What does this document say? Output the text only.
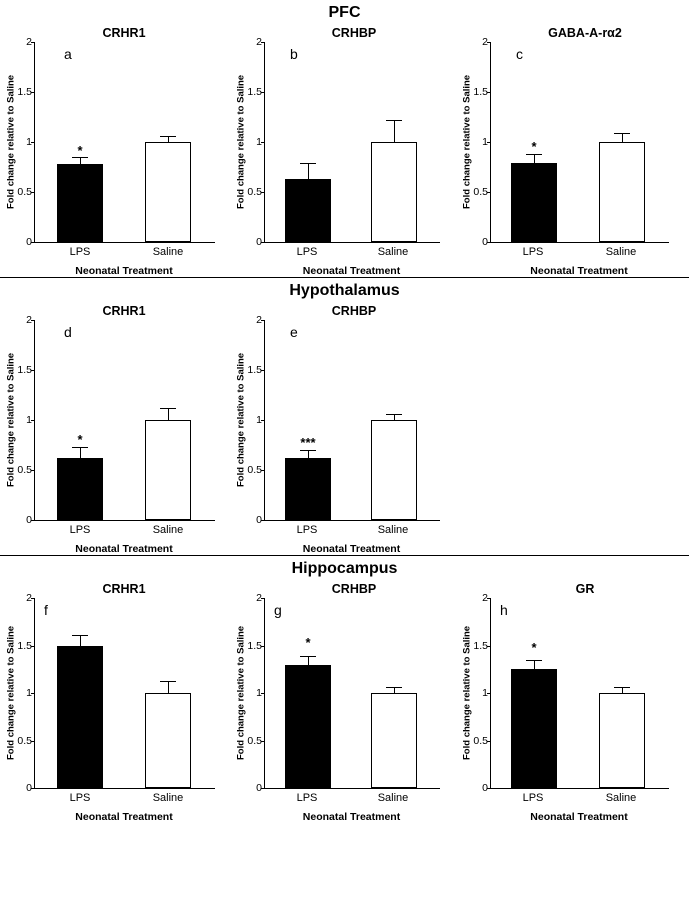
PFC
a
CRHR1
Fold change relative to Saline
0
0.5
1
1.5
2
*
LPS	Saline
Neonatal Treatment
b
CRHBP
Fold change relative to Saline
0
0.5
1
1.5
2
LPS	Saline
Neonatal Treatment
c
GABA-A-rα2
Fold change relative to Saline
0
0.5
1
1.5
2
*
LPS	Saline
Neonatal Treatment
Hypothalamus
d
CRHR1
Fold change relative to Saline
0
0.5
1
1.5
2
*
LPS	Saline
Neonatal Treatment
e
CRHBP
Fold change relative to Saline
0
0.5
1
1.5
2
***
LPS	Saline
Neonatal Treatment
Hippocampus
f
CRHR1
Fold change relative to Saline
0
0.5
1
1.5
2
LPS	Saline
Neonatal Treatment
g
CRHBP
Fold change relative to Saline
0
0.5
1
1.5
2
*
LPS	Saline
Neonatal Treatment
h
GR
Fold change relative to Saline
0
0.5
1
1.5
2
*
LPS	Saline
Neonatal Treatment
